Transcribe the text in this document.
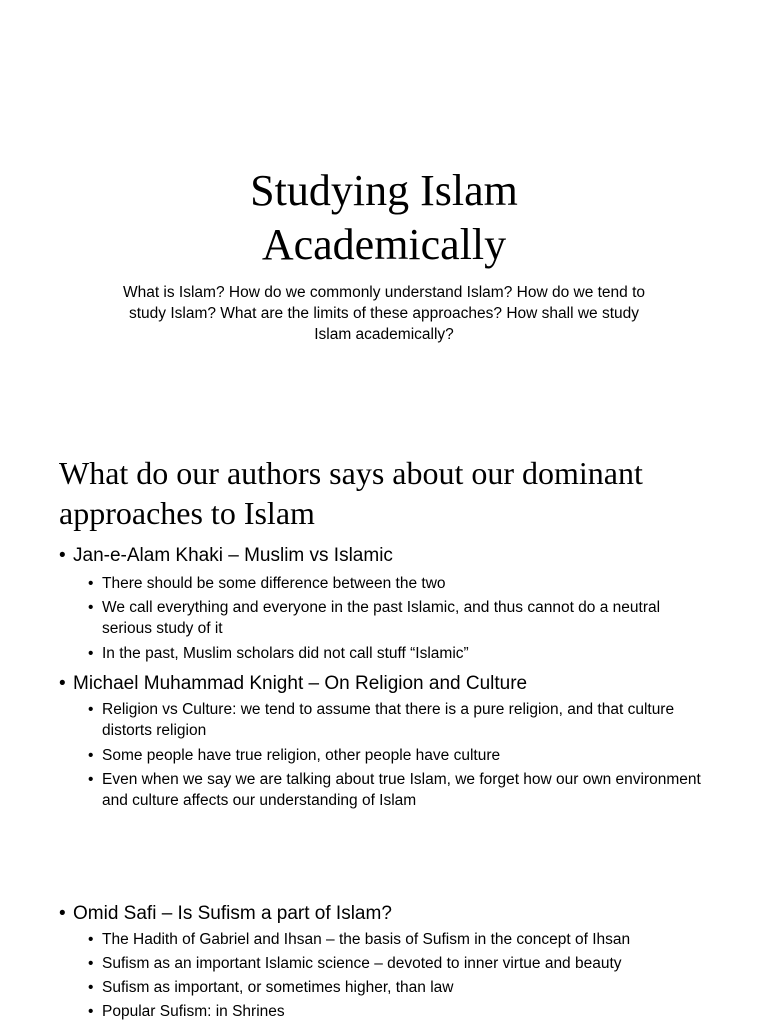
Studying Islam
Academically

What is Islam? How do we commonly understand Islam? How do we tend to study Islam? What are the limits of these approaches? How shall we study Islam academically?

What do our authors says about our dominant approaches to Islam
• Jan-e-Alam Khaki – Muslim vs Islamic
• There should be some difference between the two
• We call everything and everyone in the past Islamic, and thus cannot do a neutral serious study of it
• In the past, Muslim scholars did not call stuff “Islamic”
• Michael Muhammad Knight – On Religion and Culture
• Religion vs Culture: we tend to assume that there is a pure religion, and that culture distorts religion
• Some people have true religion, other people have culture
• Even when we say we are talking about true Islam, we forget how our own environment and culture affects our understanding of Islam
• Omid Safi – Is Sufism a part of Islam?
• The Hadith of Gabriel and Ihsan – the basis of Sufism in the concept of Ihsan
• Sufism as an important Islamic science – devoted to inner virtue and beauty
• Sufism as important, or sometimes higher, than law
• Popular Sufism: in Shrines
